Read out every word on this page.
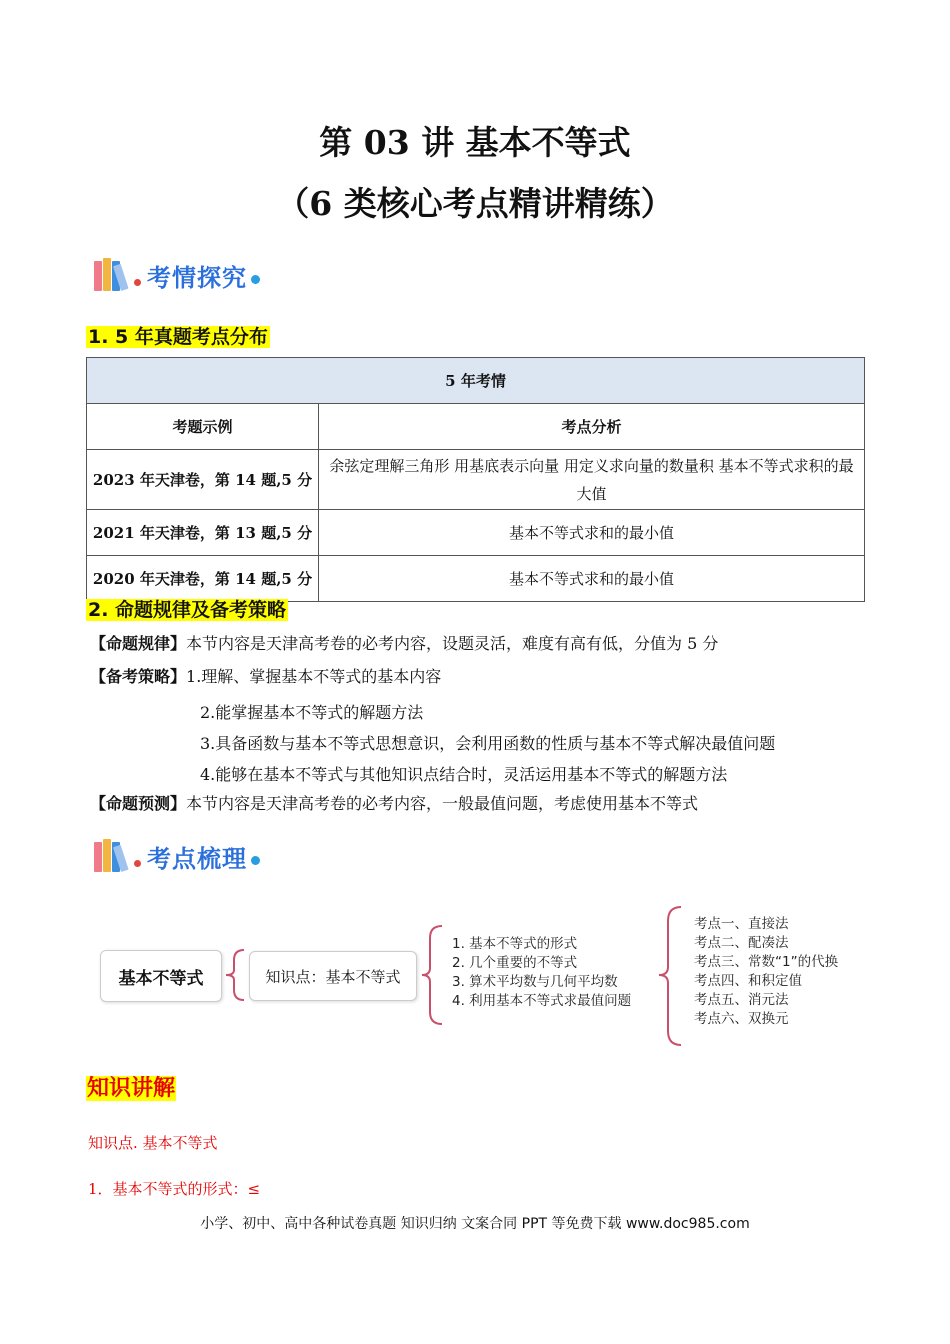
第 03 讲 基本不等式
（6 类核心考点精讲精练）
考情探究
1. 5 年真题考点分布
5 年考情	
考题示例	考点分析
2023 年天津卷，第 14 题,5 分	余弦定理解三角形 用基底表示向量 用定义求向量的数量积 基本不等式求积的最大值
2021 年天津卷，第 13 题,5 分	基本不等式求和的最小值
2020 年天津卷，第 14 题,5 分	基本不等式求和的最小值
2. 命题规律及备考策略
【命题规律】本节内容是天津高考卷的必考内容，设题灵活，难度有高有低，分值为 5 分
【备考策略】1.理解、掌握基本不等式的基本内容
2.能掌握基本不等式的解题方法
3.具备函数与基本不等式思想意识，会利用函数的性质与基本不等式解决最值问题
4.能够在基本不等式与其他知识点结合时，灵活运用基本不等式的解题方法
【命题预测】本节内容是天津高考卷的必考内容，一般最值问题，考虑使用基本不等式
考点梳理
基本不等式	知识点：基本不等式
1. 基本不等式的形式
2. 几个重要的不等式
3. 算术平均数与几何平均数
4. 利用基本不等式求最值问题
考点一、直接法
考点二、配凑法
考点三、常数“1”的代换
考点四、和积定值
考点五、消元法
考点六、双换元
知识讲解
知识点. 基本不等式
1．基本不等式的形式：≤
小学、初中、高中各种试卷真题 知识归纳 文案合同 PPT 等免费下载 www.doc985.com
